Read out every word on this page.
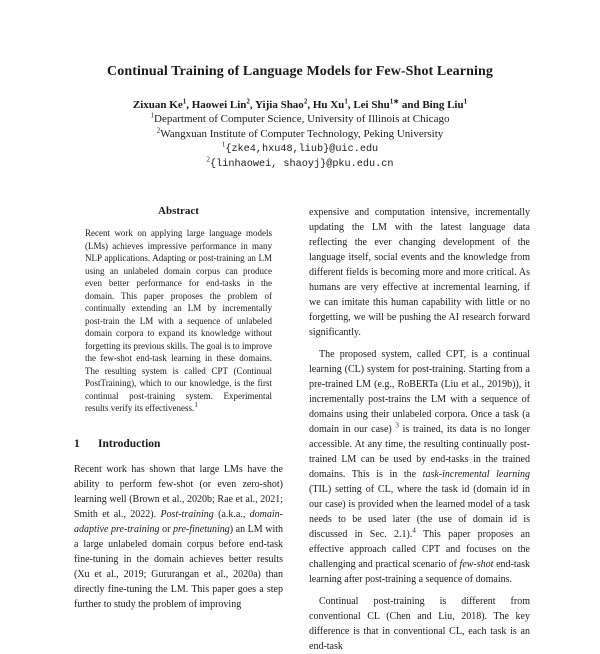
Continual Training of Language Models for Few-Shot Learning
Zixuan Ke$^1$, Haowei Lin$^2$, Yijia Shao$^2$, Hu Xu$^1$, Lei Shu$^{1∗}$ and Bing Liu$^1$
$^1$Department of Computer Science, University of Illinois at Chicago
$^2$Wangxuan Institute of Computer Technology, Peking University
$^1${zke4,hxu48,liub}@uic.edu
$^2${linhaowei, shaoyj}@pku.edu.cn
Abstract
Recent work on applying large language models (LMs) achieves impressive performance in many NLP applications. Adapting or post-training an LM using an unlabeled domain corpus can produce even better performance for end-tasks in the domain. This paper proposes the problem of continually extending an LM by incrementally post-train the LM with a sequence of unlabeled domain corpora to expand its knowledge without forgetting its previous skills. The goal is to improve the few-shot end-task learning in these domains. The resulting system is called CPT (Continual PostTraining), which to our knowledge, is the first continual post-training system. Experimental results verify its effectiveness.$^1$
1 Introduction

Recent work has shown that large LMs have the ability to perform few-shot (or even zero-shot) learning well (Brown et al., 2020b; Rae et al., 2021; Smith et al., 2022). Post-training (a.k.a., domain-adaptive pre-training or pre-finetuning) an LM with a large unlabeled domain corpus before end-task fine-tuning in the domain achieves better results (Xu et al., 2019; Gururangan et al., 2020a) than directly fine-tuning the LM. This paper goes a step further to study the problem of improving

expensive and computation intensive, incrementally updating the LM with the latest language data reflecting the ever changing development of the language itself, social events and the knowledge from different fields is becoming more and more critical. As humans are very effective at incremental learning, if we can imitate this human capability with little or no forgetting, we will be pushing the AI research forward significantly.

The proposed system, called CPT, is a continual learning (CL) system for post-training. Starting from a pre-trained LM (e.g., RoBERTa (Liu et al., 2019b)), it incrementally post-trains the LM with a sequence of domains using their unlabeled corpora. Once a task (a domain in our case) $^3$ is trained, its data is no longer accessible. At any time, the resulting continually post-trained LM can be used by end-tasks in the trained domains. This is in the task-incremental learning (TIL) setting of CL, where the task id (domain id in our case) is provided when the learned model of a task needs to be used later (the use of domain id is discussed in Sec. 2.1).$^4$ This paper proposes an effective approach called CPT and focuses on the challenging and practical scenario of few-shot end-task learning after post-training a sequence of domains.

Continual post-training is different from conventional CL (Chen and Liu, 2018). The key difference is that in conventional CL, each task is an end-task
